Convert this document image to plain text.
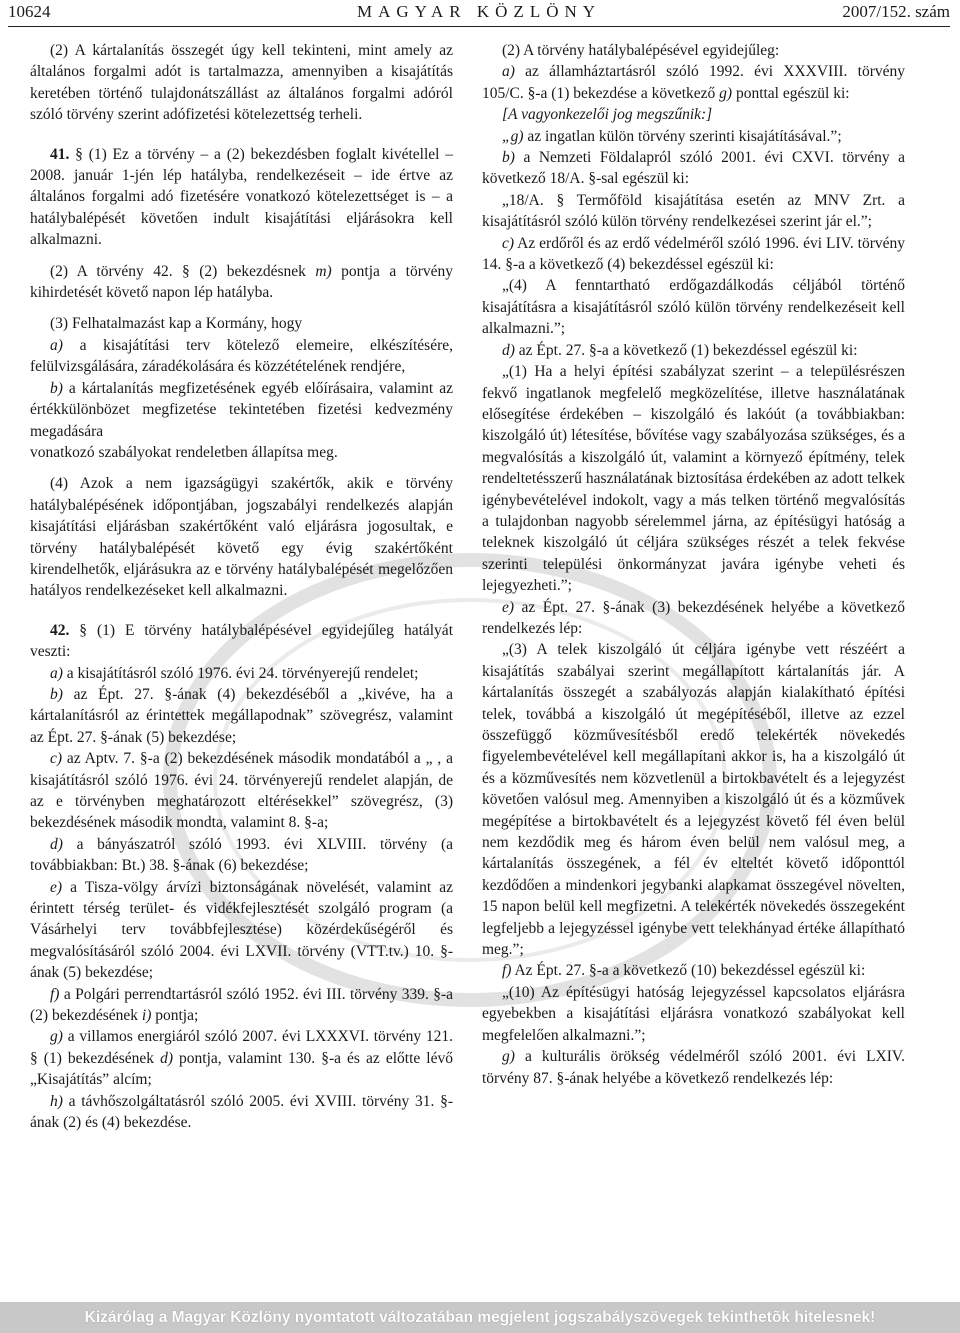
10624	MAGYAR KÖZLÖNY	2007/152. szám

(2) A kártalanítás összegét úgy kell tekinteni, mint amely az általános forgalmi adót is tartalmazza, amennyiben a kisajátítás keretében történő tulajdonátszállást az általános forgalmi adóról szóló törvény szerint adófizetési kötelezettség terheli.

41. § (1) Ez a törvény – a (2) bekezdésben foglalt kivétellel – 2008. január 1-jén lép hatályba, rendelkezéseit – ide értve az általános forgalmi adó fizetésére vonatkozó kötelezettséget is – a hatálybalépését követően indult kisajátítási eljárásokra kell alkalmazni.

(2) A törvény 42. § (2) bekezdésnek m) pontja a törvény kihirdetését követő napon lép hatályba.

(3) Felhatalmazást kap a Kormány, hogy

a) a kisajátítási terv kötelező elemeire, elkészítésére, felülvizsgálására, záradékolására és közzétételének rendjére,

b) a kártalanítás megfizetésének egyéb előírásaira, valamint az értékkülönbözet megfizetése tekintetében fizetési kedvezmény megadására

vonatkozó szabályokat rendeletben állapítsa meg.

(4) Azok a nem igazságügyi szakértők, akik e törvény hatálybalépésének időpontjában, jogszabályi rendelkezés alapján kisajátítási eljárásban szakértőként való eljárásra jogosultak, e törvény hatálybalépését követő egy évig szakértőként kirendelhetők, eljárásukra az e törvény hatálybalépését megelőzően hatályos rendelkezéseket kell alkalmazni.

42. § (1) E törvény hatálybalépésével egyidejűleg hatályát veszti:

a) a kisajátításról szóló 1976. évi 24. törvényerejű rendelet;

b) az Épt. 27. §-ának (4) bekezdéséből a „kivéve, ha a kártalanításról az érintettek megállapodnak” szövegrész, valamint az Épt. 27. §-ának (5) bekezdése;

c) az Aptv. 7. §-a (2) bekezdésének második mondatából a „ , a kisajátításról szóló 1976. évi 24. törvényerejű rendelet alapján, de az e törvényben meghatározott eltérésekkel” szövegrész, (3) bekezdésének második mondta, valamint 8. §-a;

d) a bányászatról szóló 1993. évi XLVIII. törvény (a továbbiakban: Bt.) 38. §-ának (6) bekezdése;

e) a Tisza-völgy árvízi biztonságának növelését, valamint az érintett térség terület- és vidékfejlesztését szolgáló program (a Vásárhelyi terv továbbfejlesztése) közérdekűségéről és megvalósításáról szóló 2004. évi LXVII. törvény (VTT.tv.) 10. §-ának (5) bekezdése;

f) a Polgári perrendtartásról szóló 1952. évi III. törvény 339. §-a (2) bekezdésének i) pontja;

g) a villamos energiáról szóló 2007. évi LXXXVI. törvény 121. § (1) bekezdésének d) pontja, valamint 130. §-a és az előtte lévő „Kisajátítás” alcím;

h) a távhőszolgáltatásról szóló 2005. évi XVIII. törvény 31. §-ának (2) és (4) bekezdése.

(2) A törvény hatálybalépésével egyidejűleg:

a) az államháztartásról szóló 1992. évi XXXVIII. törvény 105/C. §-a (1) bekezdése a következő g) ponttal egészül ki:

[A vagyonkezelői jog megszűnik:]

„g) az ingatlan külön törvény szerinti kisajátításával.”;

b) a Nemzeti Földalapról szóló 2001. évi CXVI. törvény a következő 18/A. §-sal egészül ki:

„18/A. § Termőföld kisajátítása esetén az MNV Zrt. a kisajátításról szóló külön törvény rendelkezései szerint jár el.”;

c) Az erdőről és az erdő védelméről szóló 1996. évi LIV. törvény 14. §-a a következő (4) bekezdéssel egészül ki:

„(4) A fenntartható erdőgazdálkodás céljából történő kisajátításra a kisajátításról szóló külön törvény rendelkezéseit kell alkalmazni.”;

d) az Épt. 27. §-a a következő (1) bekezdéssel egészül ki:

„(1) Ha a helyi építési szabályzat szerint – a településrészen fekvő ingatlanok megfelelő megközelítése, illetve használatának elősegítése érdekében – kiszolgáló és lakóút (a továbbiakban: kiszolgáló út) létesítése, bővítése vagy szabályozása szükséges, és a megvalósítás a kiszolgáló út, valamint a környező építmény, telek rendeltetésszerű használatának biztosítása érdekében az adott telkek igénybevételével indokolt, vagy a más telken történő megvalósítás a tulajdonban nagyobb sérelemmel járna, az építésügyi hatóság a teleknek kiszolgáló út céljára szükséges részét a telek fekvése szerinti települési önkormányzat javára igénybe veheti és lejegyezheti.”;

e) az Épt. 27. §-ának (3) bekezdésének helyébe a következő rendelkezés lép:

„(3) A telek kiszolgáló út céljára igénybe vett részéért a kisajátítás szabályai szerint megállapított kártalanítás jár. A kártalanítás összegét a szabályozás alapján kialakítható építési telek, továbbá a kiszolgáló út megépítéséből, illetve az ezzel összefüggő közművesítésből eredő telekérték növekedés figyelembevételével kell megállapítani akkor is, ha a kiszolgáló út és a közművesítés nem közvetlenül a birtokbavételt és a lejegyzést követően valósul meg. Amennyiben a kiszolgáló út és a közművek megépítése a birtokbavételt és a lejegyzést követő fél éven belül nem kezdődik meg és három éven belül nem valósul meg, a kártalanítás összegének, a fél év elteltét követő időponttól kezdődően a mindenkori jegybanki alapkamat összegével növelten, 15 napon belül kell megfizetni. A telekérték növekedés összegeként legfeljebb a lejegyzéssel igénybe vett telekhányad értéke állapítható meg.”;

f) Az Épt. 27. §-a a következő (10) bekezdéssel egészül ki:

„(10) Az építésügyi hatóság lejegyzéssel kapcsolatos eljárásra egyebekben a kisajátítási eljárásra vonatkozó szabályokat kell megfelelően alkalmazni.”;

g) a kulturális örökség védelméről szóló 2001. évi LXIV. törvény 87. §-ának helyébe a következő rendelkezés lép:

Kizárólag a Magyar Közlöny nyomtatott változatában megjelent jogszabályszövegek tekinthetõk hitelesnek!
